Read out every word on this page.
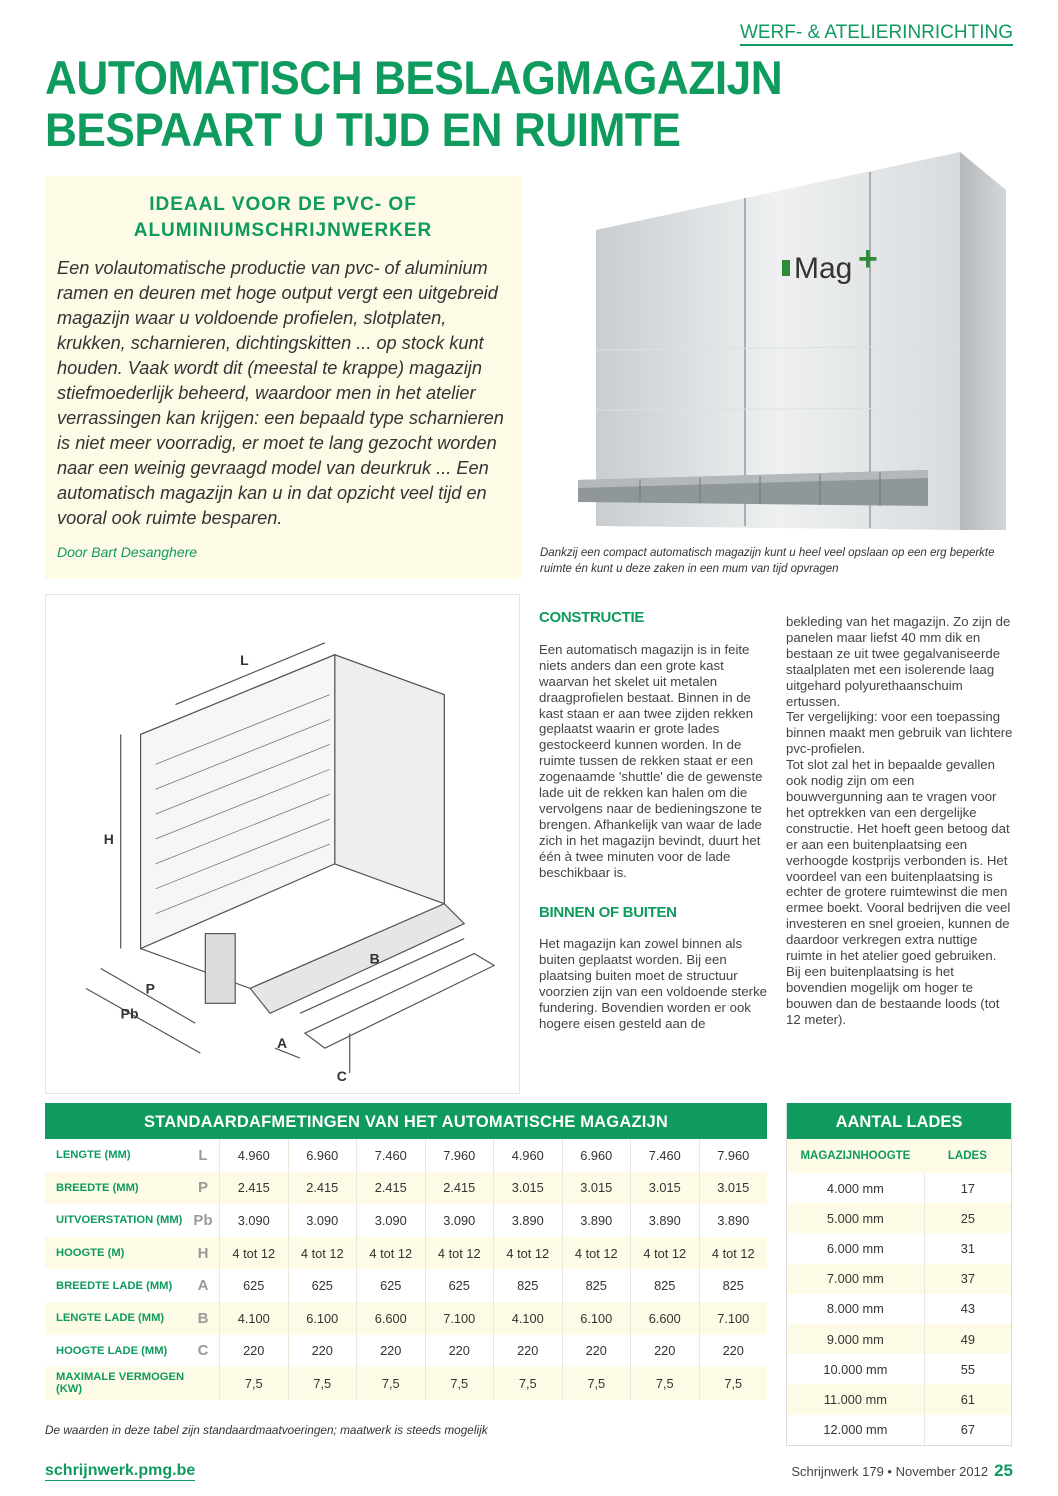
WERF- & ATELIERINRICHTING
AUTOMATISCH BESLAGMAGAZIJN
BESPAART U TIJD EN RUIMTE
IDEAAL VOOR DE PVC- OF
ALUMINIUMSCHRIJNWERKER
Een volautomatische productie van pvc- of aluminium ramen en deuren met hoge output vergt een uitgebreid magazijn waar u voldoende profielen, slotplaten, krukken, scharnieren, dichtingskitten ... op stock kunt houden. Vaak wordt dit (meestal te krappe) magazijn stiefmoederlijk beheerd, waardoor men in het atelier verrassingen kan krijgen: een bepaald type scharnieren is niet meer voorradig, er moet te lang gezocht worden naar een weinig gevraagd model van deurkruk ... Een automatisch magazijn kan u in dat opzicht veel tijd en vooral ook ruimte besparen.
Door Bart Desanghere
Mag +
Dankzij een compact automatisch magazijn kunt u heel veel opslaan op een erg beperkte ruimte én kunt u deze zaken in een mum van tijd opvragen
H
L
P
Pb
B
A
C
CONSTRUCTIE

Een automatisch magazijn is in feite niets anders dan een grote kast waarvan het skelet uit metalen draagprofielen bestaat. Binnen in de kast staan er aan twee zijden rekken geplaatst waarin er grote lades gestockeerd kunnen worden. In de ruimte tussen de rekken staat er een zogenaamde 'shuttle' die de gewenste lade uit de rekken kan halen om die vervolgens naar de bedieningszone te brengen. Afhankelijk van waar de lade zich in het magazijn bevindt, duurt het één à twee minuten voor de lade beschikbaar is.

BINNEN OF BUITEN

Het magazijn kan zowel binnen als buiten geplaatst worden. Bij een plaatsing buiten moet de structuur voorzien zijn van een voldoende sterke fundering. Bovendien worden er ook hogere eisen gesteld aan de

bekleding van het magazijn. Zo zijn de panelen maar liefst 40 mm dik en bestaan ze uit twee gegalvaniseerde staalplaten met een isolerende laag uitgehard polyurethaanschuim ertussen.

Ter vergelijking: voor een toepassing binnen maakt men gebruik van lichtere pvc-profielen.

Tot slot zal het in bepaalde gevallen ook nodig zijn om een bouwvergunning aan te vragen voor het optrekken van een dergelijke constructie. Het hoeft geen betoog dat er aan een buitenplaatsing een verhoogde kostprijs verbonden is. Het voordeel van een buitenplaatsing is echter de grotere ruimtewinst die men ermee boekt. Vooral bedrijven die veel investeren en snel groeien, kunnen de daardoor verkregen extra nuttige ruimte in het atelier goed gebruiken.

Bij een buitenplaatsing is het bovendien mogelijk om hoger te bouwen dan de bestaande loods (tot 12 meter).

STANDAARDAFMETINGEN VAN HET AUTOMATISCHE MAGAZIJN
LENGTE (MM)	L	4.960	6.960	7.460	7.960	4.960	6.960	7.460	7.960
BREEDTE (MM)	P	2.415	2.415	2.415	2.415	3.015	3.015	3.015	3.015
UITVOERSTATION (MM) Pb	3.090	3.090	3.090	3.090	3.890	3.890	3.890	3.890
HOOGTE (M)	H	4 tot 12	4 tot 12	4 tot 12	4 tot 12	4 tot 12	4 tot 12	4 tot 12	4 tot 12
BREEDTE LADE (MM)	A	625	625	625	625	825	825	825	825
LENGTE LADE (MM)	B	4.100	6.100	6.600	7.100	4.100	6.100	6.600	7.100
HOOGTE LADE (MM)	C	220	220	220	220	220	220	220	220
MAXIMALE VERMOGEN (KW)	7,5	7,5	7,5	7,5	7,5	7,5	7,5	7,5
De waarden in deze tabel zijn standaardmaatvoeringen; maatwerk is steeds mogelijk
AANTAL LADES
MAGAZIJNHOOGTE	LADES
4.000 mm	17
5.000 mm	25
6.000 mm	31
7.000 mm	37
8.000 mm	43
9.000 mm	49
10.000 mm	55
11.000 mm	61
12.000 mm	67
schrijnwerk.pmg.be	Schrijnwerk 179 • November 2012 25
